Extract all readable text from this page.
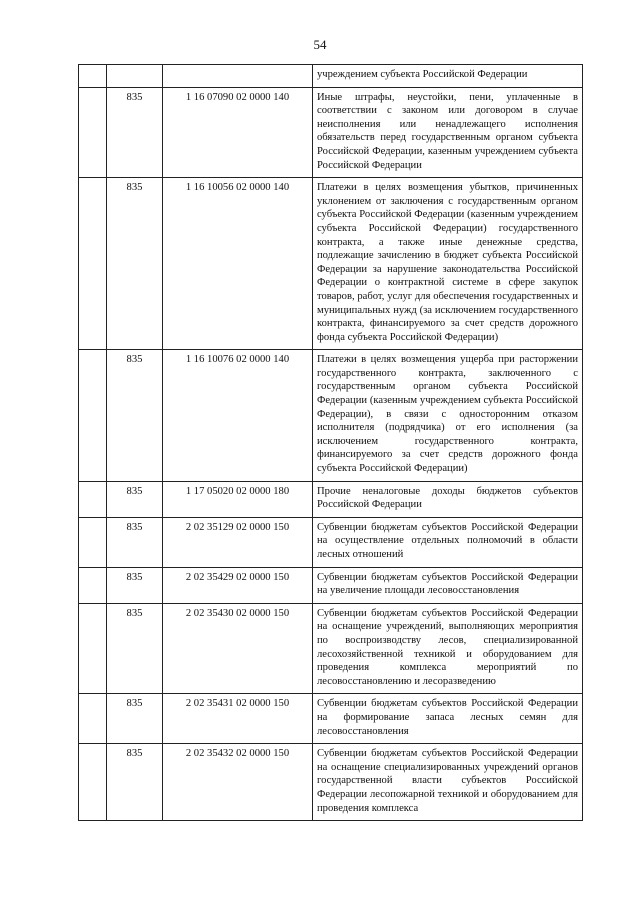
54
			учреждением субъекта Российской Федерации
	835	1 16 07090 02 0000 140	Иные штрафы, неустойки, пени, уплаченные в соответствии с законом или договором в случае неисполнения или ненадлежащего исполнения обязательств перед государственным органом субъекта Российской Федерации, казенным учреждением субъекта Российской Федерации
	835	1 16 10056 02 0000 140	Платежи в целях возмещения убытков, причиненных уклонением от заключения с государственным органом субъекта Российской Федерации (казенным учреждением субъекта Российской Федерации) государственного контракта, а также иные денежные средства, подлежащие зачислению в бюджет субъекта Российской Федерации за нарушение законодательства Российской Федерации о контрактной системе в сфере закупок товаров, работ, услуг для обеспечения государственных и муниципальных нужд (за исключением государственного контракта, финансируемого за счет средств дорожного фонда субъекта Российской Федерации)
	835	1 16 10076 02 0000 140	Платежи в целях возмещения ущерба при расторжении государственного контракта, заключенного с государственным органом субъекта Российской Федерации (казенным учреждением субъекта Российской Федерации), в связи с односторонним отказом исполнителя (подрядчика) от его исполнения (за исключением государственного контракта, финансируемого за счет средств дорожного фонда субъекта Российской Федерации)
	835	1 17 05020 02 0000 180	Прочие неналоговые доходы бюджетов субъектов Российской Федерации
	835	2 02 35129 02 0000 150	Субвенции бюджетам субъектов Российской Федерации на осуществление отдельных полномочий в области лесных отношений
	835	2 02 35429 02 0000 150	Субвенции бюджетам субъектов Российской Федерации на увеличение площади лесовосстановления
	835	2 02 35430 02 0000 150	Субвенции бюджетам субъектов Российской Федерации на оснащение учреждений, выполняющих мероприятия по воспроизводству лесов, специализированной лесохозяйственной техникой и оборудованием для проведения комплекса мероприятий по лесовосстановлению и лесоразведению
	835	2 02 35431 02 0000 150	Субвенции бюджетам субъектов Российской Федерации на формирование запаса лесных семян для лесовосстановления
	835	2 02 35432 02 0000 150	Субвенции бюджетам субъектов Российской Федерации на оснащение специализированных учреждений органов государственной власти субъектов Российской Федерации лесопожарной техникой и оборудованием для проведения комплекса
